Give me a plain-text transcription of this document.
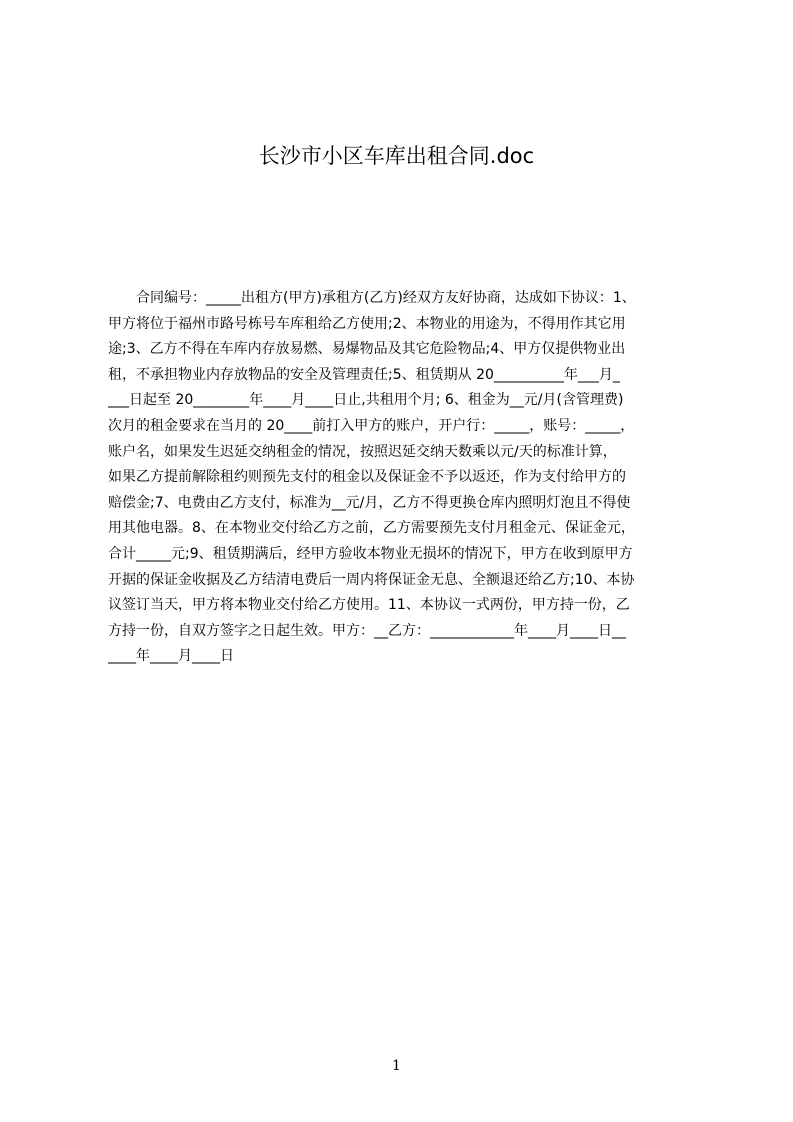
长沙市小区车库出租合同.doc
　　合同编号：_____出租方(甲方)承租方(乙方)经双方友好协商，达成如下协议：1、
甲方将位于福州市路号栋号车库租给乙方使用;2、本物业的用途为，不得用作其它用
途;3、乙方不得在车库内存放易燃、易爆物品及其它危险物品;4、甲方仅提供物业出
租，不承担物业内存放物品的安全及管理责任;5、租赁期从 20__________年___月_
___日起至 20________年____月____日止,共租用个月; 6、租金为__元/月(含管理费)
次月的租金要求在当月的 20____前打入甲方的账户，开户行：_____，账号：_____，
账户名，如果发生迟延交纳租金的情况，按照迟延交纳天数乘以元/天的标准计算，
如果乙方提前解除租约则预先支付的租金以及保证金不予以返还，作为支付给甲方的
赔偿金;7、电费由乙方支付，标准为__元/月，乙方不得更换仓库内照明灯泡且不得使
用其他电器。8、在本物业交付给乙方之前，乙方需要预先支付月租金元、保证金元，
合计_____元;9、租赁期满后，经甲方验收本物业无损坏的情况下，甲方在收到原甲方
开据的保证金收据及乙方结清电费后一周内将保证金无息、全额退还给乙方;10、本协
议签订当天，甲方将本物业交付给乙方使用。11、本协议一式两份，甲方持一份，乙
方持一份，自双方签字之日起生效。甲方：__乙方：____________年____月____日__
____年____月____日
1
